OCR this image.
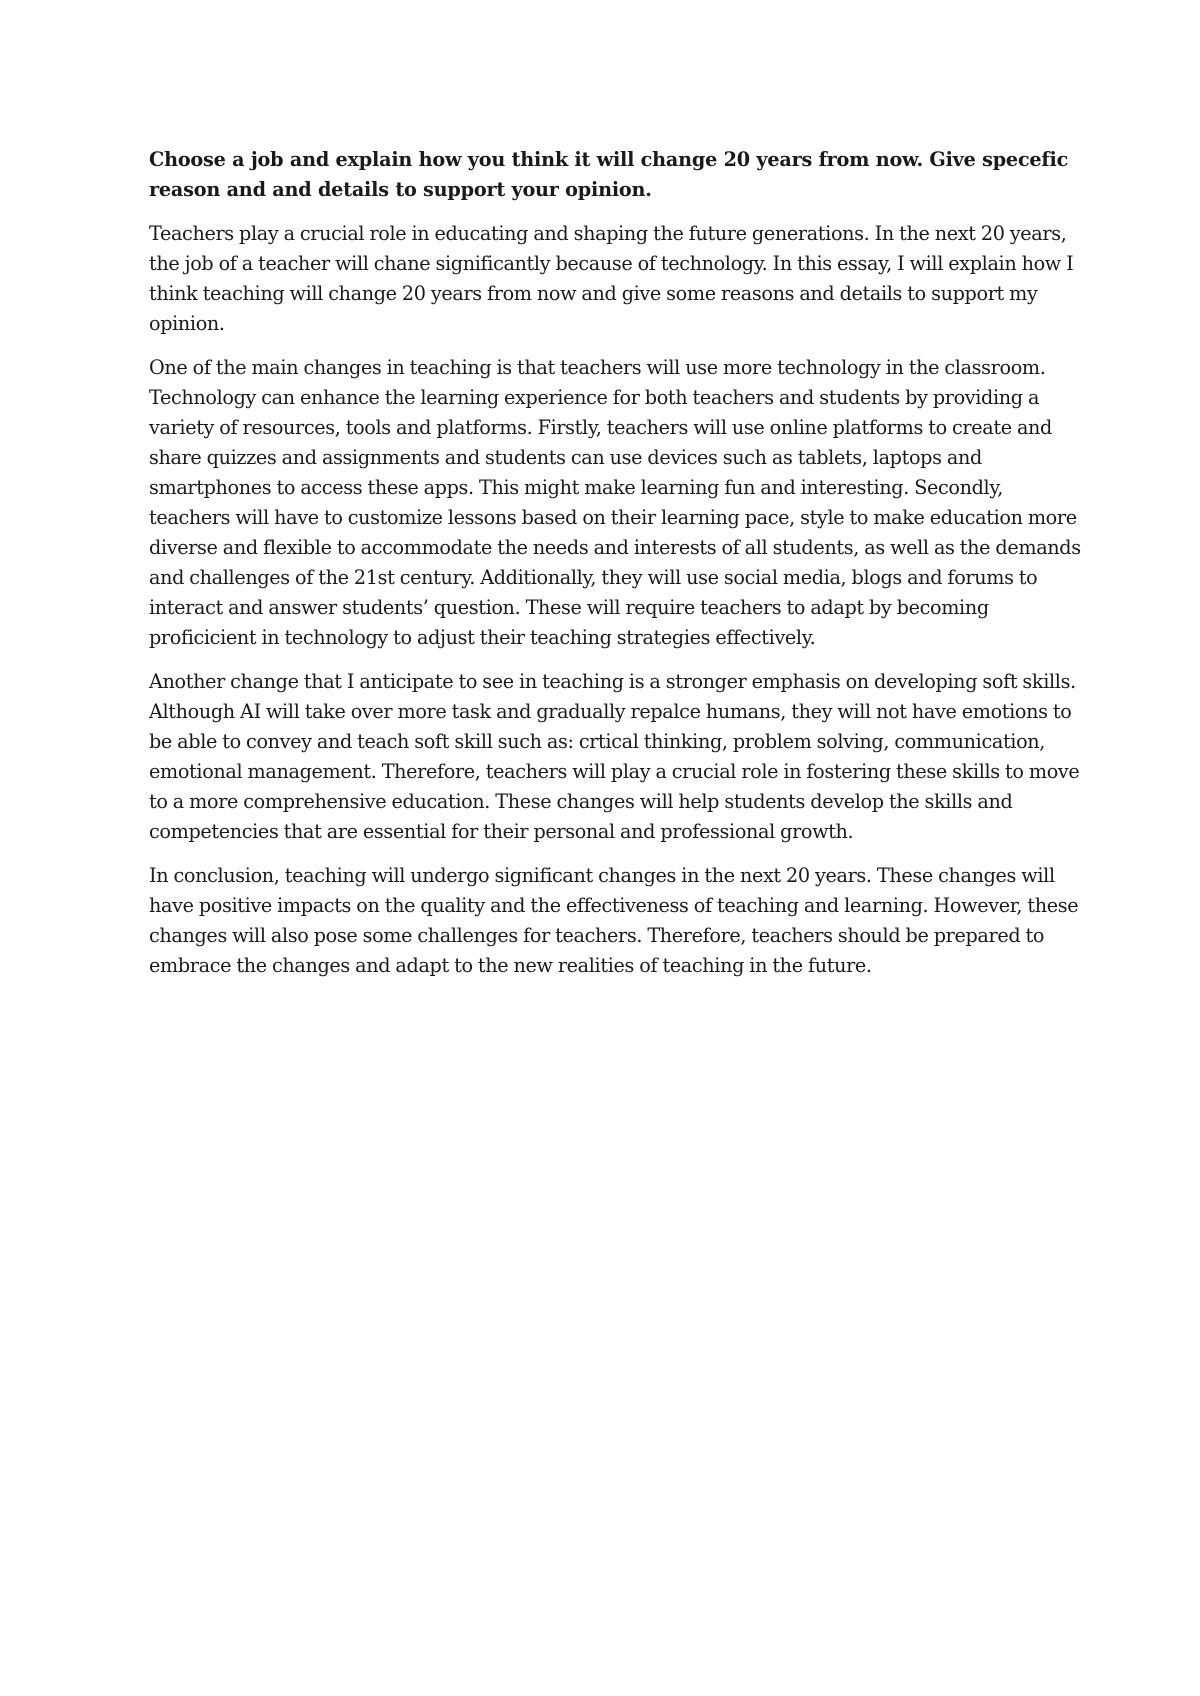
Choose a job and explain how you think it will change 20 years from now. Give specefic reason and and details to support your opinion.

Teachers play a crucial role in educating and shaping the future generations. In the next 20 years, the job of a teacher will chane significantly because of technology. In this essay, I will explain how I think teaching will change 20 years from now and give some reasons and details to support my opinion.

One of the main changes in teaching is that teachers will use more technology in the classroom. Technology can enhance the learning experience for both teachers and students by providing a variety of resources, tools and platforms. Firstly, teachers will use online platforms to create and share quizzes and assignments and students can use devices such as tablets, laptops and smartphones to access these apps. This might make learning fun and interesting. Secondly, teachers will have to customize lessons based on their learning pace, style to make education more diverse and flexible to accommodate the needs and interests of all students, as well as the demands and challenges of the 21st century. Additionally, they will use social media, blogs and forums to interact and answer students’ question. These will require teachers to adapt by becoming proficicient in technology to adjust their teaching strategies effectively.

Another change that I anticipate to see in teaching is a stronger emphasis on developing soft skills. Although AI will take over more task and gradually repalce humans, they will not have emotions to be able to convey and teach soft skill such as: crtical thinking, problem solving, communication, emotional management. Therefore, teachers will play a crucial role in fostering these skills to move to a more comprehensive education. These changes will help students develop the skills and competencies that are essential for their personal and professional growth.

In conclusion, teaching will undergo significant changes in the next 20 years. These changes will have positive impacts on the quality and the effectiveness of teaching and learning. However, these changes will also pose some challenges for teachers. Therefore, teachers should be prepared to embrace the changes and adapt to the new realities of teaching in the future.
